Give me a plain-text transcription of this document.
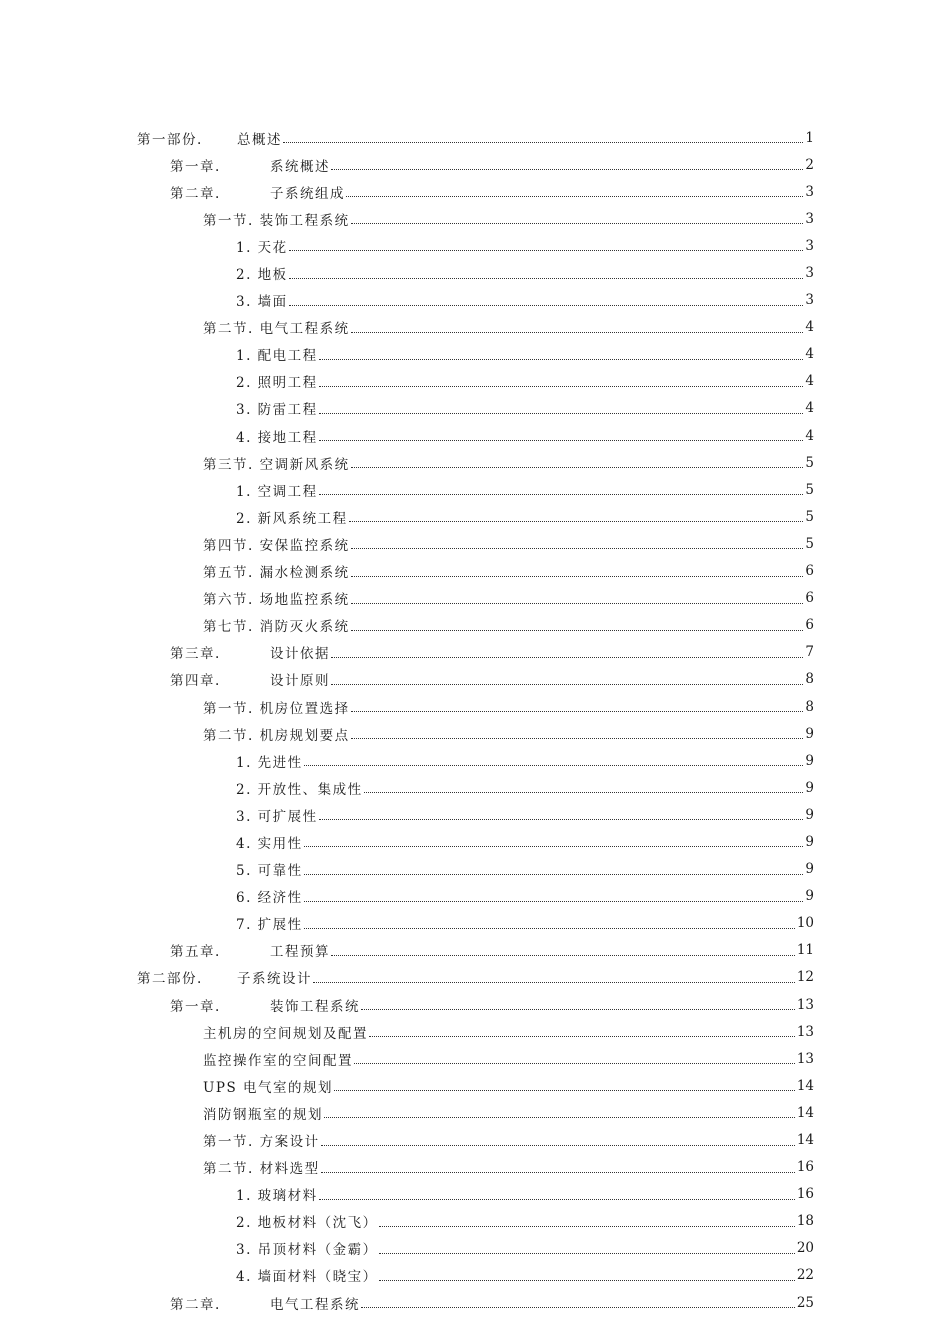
第一部份.	总概述	1
第一章.	系统概述	2
第二章.	子系统组成	3
第一节. 装饰工程系统	3
1. 天花	3
2. 地板	3
3. 墙面	3
第二节. 电气工程系统	4
1. 配电工程	4
2. 照明工程	4
3. 防雷工程	4
4. 接地工程	4
第三节. 空调新风系统	5
1. 空调工程	5
2. 新风系统工程	5
第四节. 安保监控系统	5
第五节. 漏水检测系统	6
第六节. 场地监控系统	6
第七节. 消防灭火系统	6
第三章.	设计依据	7
第四章.	设计原则	8
第一节. 机房位置选择	8
第二节. 机房规划要点	9
1. 先进性	9
2. 开放性、集成性	9
3. 可扩展性	9
4. 实用性	9
5. 可靠性	9
6. 经济性	9
7. 扩展性	10
第五章.	工程预算	11
第二部份.	子系统设计	12
第一章.	装饰工程系统	13
主机房的空间规划及配置	13
监控操作室的空间配置	13
UPS 电气室的规划	14
消防钢瓶室的规划	14
第一节. 方案设计	14
第二节. 材料选型	16
1. 玻璃材料	16
2. 地板材料（沈飞）	18
3. 吊顶材料（金霸）	20
4. 墙面材料（晓宝）	22
第二章.	电气工程系统	25
